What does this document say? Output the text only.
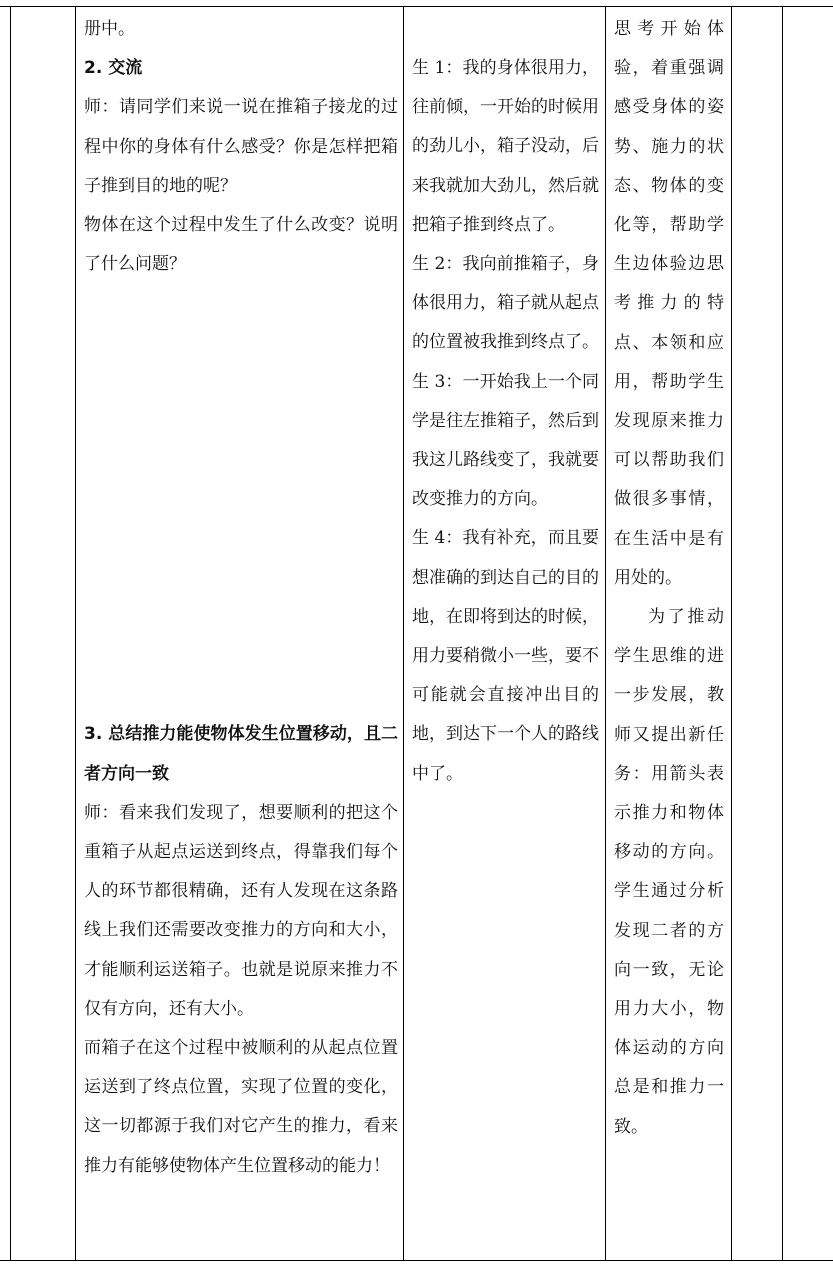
册中。

2. 交流

师：请同学们来说一说在推箱子接龙的过程中你的身体有什么感受？你是怎样把箱子推到目的地的呢？

物体在这个过程中发生了什么改变？说明了什么问题？

3. 总结推力能使物体发生位置移动，且二者方向一致

师：看来我们发现了，想要顺利的把这个重箱子从起点运送到终点，得靠我们每个人的环节都很精确，还有人发现在这条路线上我们还需要改变推力的方向和大小，才能顺利运送箱子。也就是说原来推力不仅有方向，还有大小。

而箱子在这个过程中被顺利的从起点位置运送到了终点位置，实现了位置的变化，这一切都源于我们对它产生的推力，看来推力有能够使物体产生位置移动的能力！

生 1：我的身体很用力，往前倾，一开始的时候用的劲儿小，箱子没动，后来我就加大劲儿，然后就把箱子推到终点了。

生 2：我向前推箱子，身体很用力，箱子就从起点的位置被我推到终点了。

生 3：一开始我上一个同学是往左推箱子，然后到我这儿路线变了，我就要改变推力的方向。

生 4：我有补充，而且要想准确的到达自己的目的地，在即将到达的时候，用力要稍微小一些，要不可能就会直接冲出目的地，到达下一个人的路线中了。

思考开始体验，着重强调感受身体的姿势、施力的状态、物体的变化等，帮助学生边体验边思考推力的特点、本领和应用，帮助学生发现原来推力可以帮助我们做很多事情，在生活中是有用处的。

为了推动学生思维的进一步发展，教师又提出新任务：用箭头表示推力和物体移动的方向。学生通过分析发现二者的方向一致，无论用力大小，物体运动的方向总是和推力一致。
